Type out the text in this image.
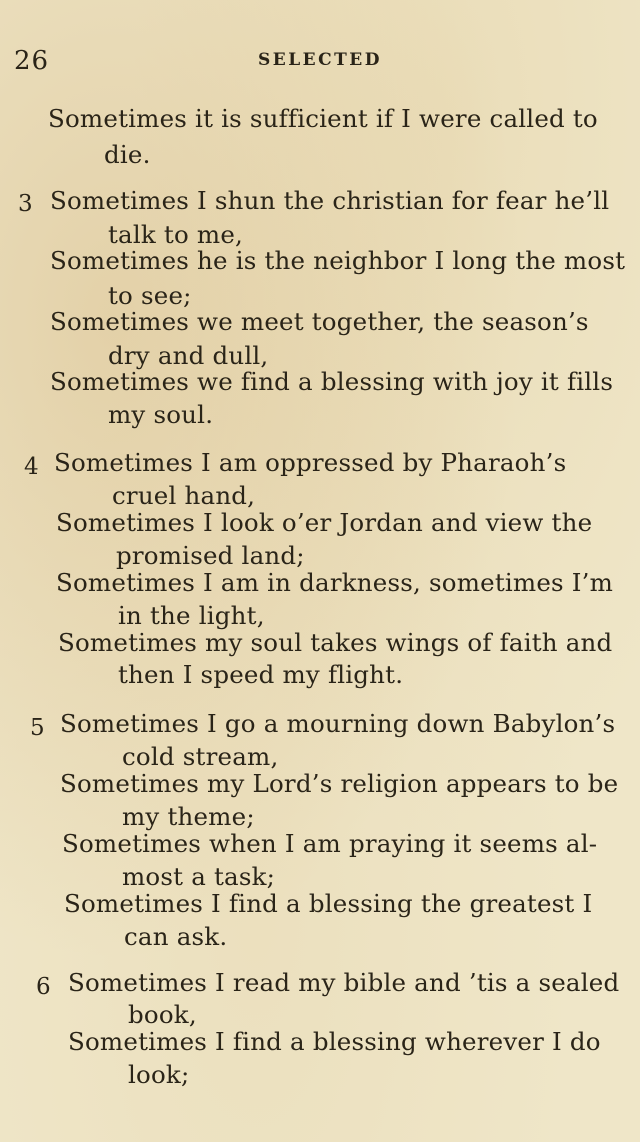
26	SELECTED
Sometimes it is sufficient if I were called to
die.
3 Sometimes I shun the christian for fear he’ll
talk to me,
Sometimes he is the neighbor I long the most
to see;
Sometimes we meet together, the season’s
dry and dull,
Sometimes we find a blessing with joy it fills
my soul.
4 Sometimes I am oppressed by Pharaoh’s
cruel hand,
Sometimes I look o’er Jordan and view the
promised land;
Sometimes I am in darkness, sometimes I’m
in the light,
Sometimes my soul takes wings of faith and
then I speed my flight.
5 Sometimes I go a mourning down Babylon’s
cold stream,
Sometimes my Lord’s religion appears to be
my theme;
Sometimes when I am praying it seems al-
most a task;
Sometimes I find a blessing the greatest I
can ask.
6 Sometimes I read my bible and ’tis a sealed
book,
Sometimes I find a blessing wherever I do
look;
